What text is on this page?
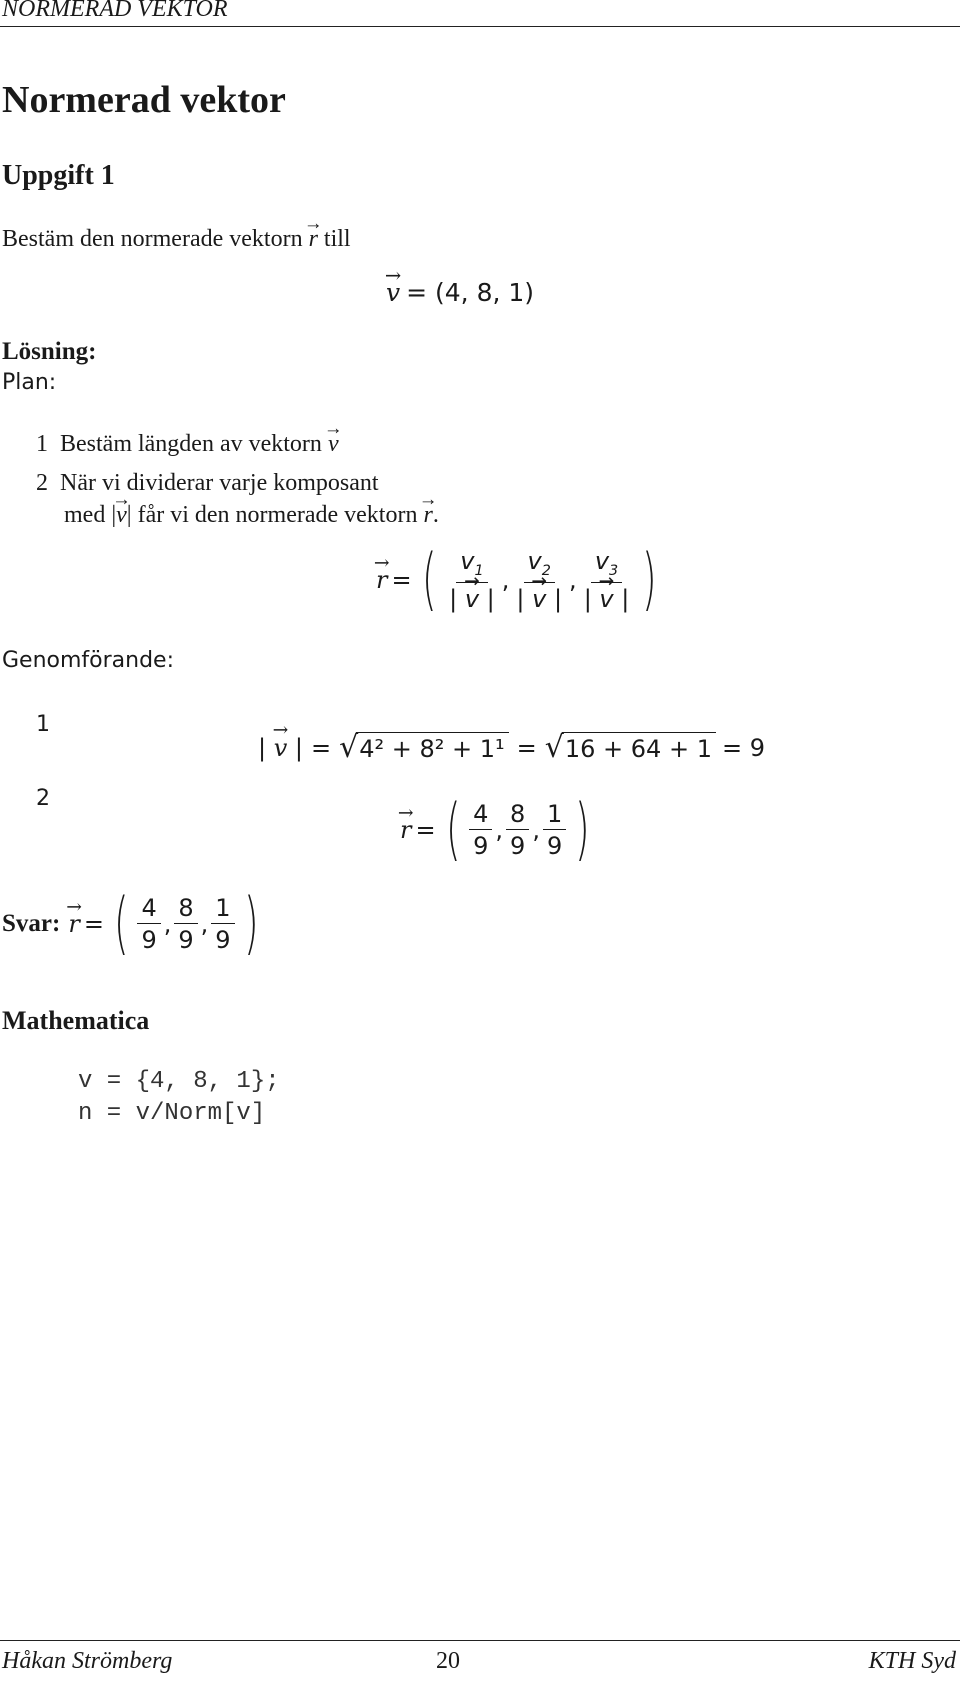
NORMERAD VEKTOR
Normerad vektor
Uppgift 1
Bestäm den normerade vektorn → r till
→ v = (4, 8, 1)
Lösning:
Plan:
1 Bestäm längden av vektorn → v
2 När vi dividerar varje komposant
med |→ v| får vi den normerade vektorn → r.
→ r = ( $\frac{v_1}{| \to v |}$ , $\frac{v_2}{| \to v |}$ , $\frac{v_3}{| \to v |}$ )
Genomförande:
1
2
| → v | = √ 4² + 8² + 1¹ = √ 16 + 64 + 1 = 9
→ r = ( $\frac{4}{9}$ , $\frac{8}{9}$ , $\frac{1}{9}$ )
Svar: → r = ( $\frac{4}{9}$ , $\frac{8}{9}$ , $\frac{1}{9}$ )
Mathematica
v = {4, 8, 1};
n = v/Norm[v]
Håkan Strömberg	20	KTH Syd
